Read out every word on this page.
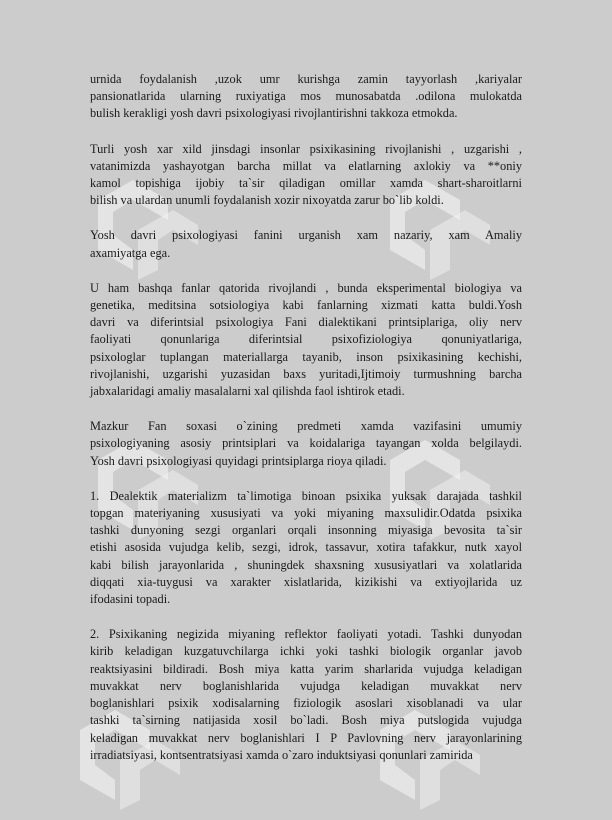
urnida foydalanish ,uzok umr kurishga zamin tayyorlash ,kariyalar
pansionatlarida ularning ruxiyatiga mos munosabatda .odilona mulokatda
bulish kerakligi yosh davri psixologiyasi rivojlantirishni takkoza etmokda.
Turli yosh xar xild jinsdagi insonlar psixikasining rivojlanishi , uzgarishi ,
vatanimizda yashayotgan barcha millat va elatlarning axlokiy va **oniy
kamol topishiga ijobiy ta`sir qiladigan omillar xamda shart-sharoitlarni
bilish va ulardan unumli foydalanish xozir nixoyatda zarur bo`lib koldi.
Yosh davri psixologiyasi fanini urganish xam nazariy, xam Amaliy
axamiyatga ega.
U ham bashqa fanlar qatorida rivojlandi , bunda eksperimental biologiya va
genetika, meditsina sotsiologiya kabi fanlarning xizmati katta buldi.Yosh
davri va diferintsial psixologiya Fani dialektikani printsiplariga, oliy nerv
faoliyati qonunlariga diferintsial psixofiziologiya qonuniyatlariga,
psixologlar tuplangan materiallarga tayanib, inson psixikasining kechishi,
rivojlanishi, uzgarishi yuzasidan baxs yuritadi,Ijtimoiy turmushning barcha
jabxalaridagi amaliy masalalarni xal qilishda faol ishtirok etadi.
Mazkur Fan soxasi o`zining predmeti xamda vazifasini umumiy
psixologiyaning asosiy printsiplari va koidalariga tayangan xolda belgilaydi.
Yosh davri psixologiyasi quyidagi printsiplarga rioya qiladi.
1. Dealektik materializm ta`limotiga binoan psixika yuksak darajada tashkil
topgan materiyaning xususiyati va yoki miyaning maxsulidir.Odatda psixika
tashki dunyoning sezgi organlari orqali insonning miyasiga bevosita ta`sir
etishi asosida vujudga kelib, sezgi, idrok, tassavur, xotira tafakkur, nutk xayol
kabi bilish jarayonlarida , shuningdek shaxsning xususiyatlari va xolatlarida
diqqati xia-tuygusi va xarakter xislatlarida, kizikishi va extiyojlarida uz
ifodasini topadi.
2. Psixikaning negizida miyaning reflektor faoliyati yotadi. Tashki dunyodan
kirib keladigan kuzgatuvchilarga ichki yoki tashki biologik organlar javob
reaktsiyasini bildiradi. Bosh miya katta yarim sharlarida vujudga keladigan
muvakkat nerv boglanishlarida vujudga keladigan muvakkat nerv
boglanishlari psixik xodisalarning fiziologik asoslari xisoblanadi va ular
tashki ta`sirning natijasida xosil bo`ladi. Bosh miya putslogida vujudga
keladigan muvakkat nerv boglanishlari I P Pavlovning nerv jarayonlarining
irradiatsiyasi, kontsentratsiyasi xamda o`zaro induktsiyasi qonunlari zamirida
